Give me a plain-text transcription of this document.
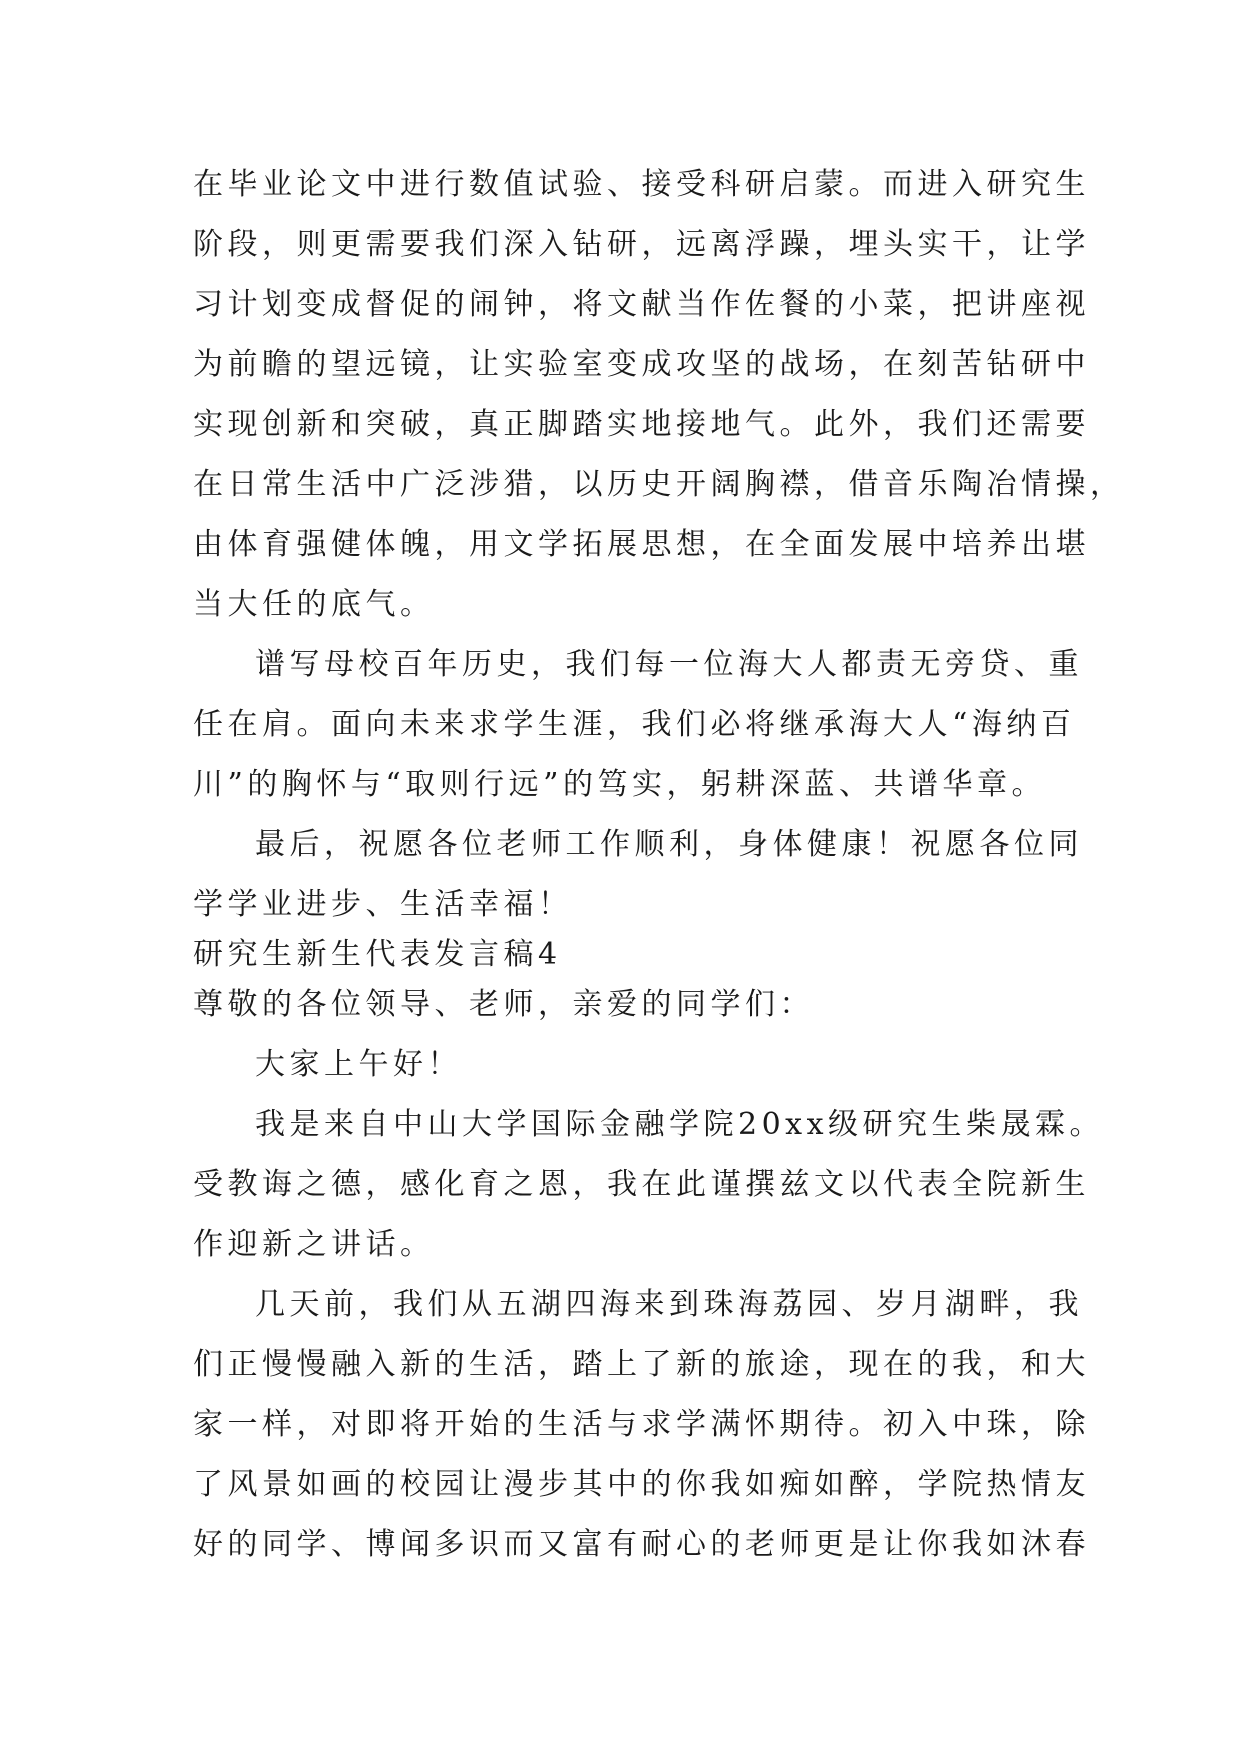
在毕业论文中进行数值试验、接受科研启蒙。而进入研究生
阶段，则更需要我们深入钻研，远离浮躁，埋头实干，让学
习计划变成督促的闹钟，将文献当作佐餐的小菜，把讲座视
为前瞻的望远镜，让实验室变成攻坚的战场，在刻苦钻研中
实现创新和突破，真正脚踏实地接地气。此外，我们还需要
在日常生活中广泛涉猎，以历史开阔胸襟，借音乐陶冶情操，
由体育强健体魄，用文学拓展思想，在全面发展中培养出堪
当大任的底气。
谱写母校百年历史，我们每一位海大人都责无旁贷、重
任在肩。面向未来求学生涯，我们必将继承海大人“海纳百
川”的胸怀与“取则行远”的笃实，躬耕深蓝、共谱华章。
最后，祝愿各位老师工作顺利，身体健康！祝愿各位同
学学业进步、生活幸福！
研究生新生代表发言稿4
尊敬的各位领导、老师，亲爱的同学们：
大家上午好！
我是来自中山大学国际金融学院20xx级研究生柴晟霖。
受教诲之德，感化育之恩，我在此谨撰兹文以代表全院新生
作迎新之讲话。
几天前，我们从五湖四海来到珠海荔园、岁月湖畔，我
们正慢慢融入新的生活，踏上了新的旅途，现在的我，和大
家一样，对即将开始的生活与求学满怀期待。初入中珠，除
了风景如画的校园让漫步其中的你我如痴如醉，学院热情友
好的同学、博闻多识而又富有耐心的老师更是让你我如沐春
